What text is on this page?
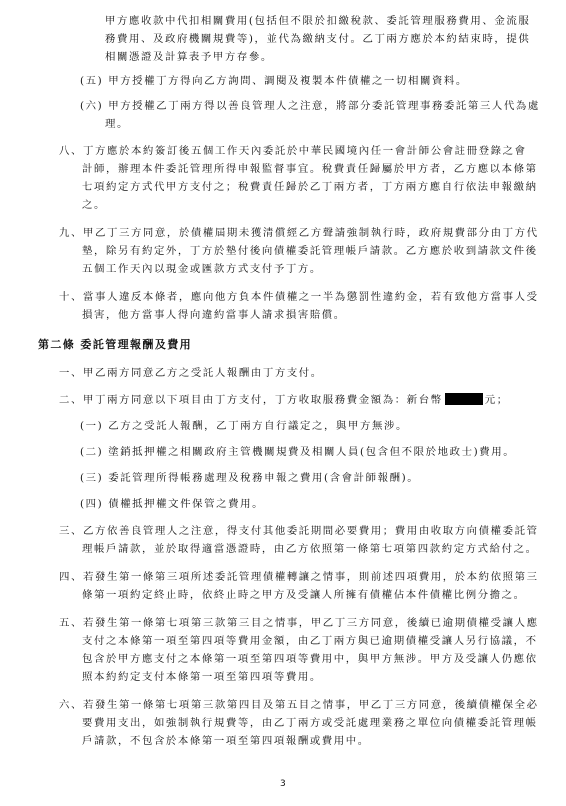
甲方應收款中代扣相關費用(包括但不限於扣繳稅款、委託管理服務費用、金流服
務費用、及政府機關規費等)，並代為繳納支付。乙丁兩方應於本約結束時，提供
相關憑證及計算表予甲方存參。
(五) 甲方授權丁方得向乙方詢問、調閱及複製本件債權之一切相關資料。
(六) 甲方授權乙丁兩方得以善良管理人之注意，將部分委託管理事務委託第三人代為處
理。
八、丁方應於本約簽訂後五個工作天內委託於中華民國境內任一會計師公會註冊登錄之會
計師，辦理本件委託管理所得申報監督事宜。稅費責任歸屬於甲方者，乙方應以本條第
七項約定方式代甲方支付之；稅費責任歸於乙丁兩方者，丁方兩方應自行依法申報繳納
之。
九、甲乙丁三方同意，於債權屆期未獲清償經乙方聲請強制執行時，政府規費部分由丁方代
墊，除另有約定外，丁方於墊付後向債權委託管理帳戶請款。乙方應於收到請款文件後
五個工作天內以現金或匯款方式支付予丁方。
十、當事人違反本條者，應向他方負本件債權之一半為懲罰性違約金，若有致他方當事人受
損害，他方當事人得向違約當事人請求損害賠償。
第二條 委託管理報酬及費用
一、甲乙兩方同意乙方之受託人報酬由丁方支付。
二、甲丁兩方同意以下項目由丁方支付，丁方收取服務費金額為：新台幣	元；
(一) 乙方之受託人報酬，乙丁兩方自行議定之，與甲方無涉。
(二) 塗銷抵押權之相關政府主管機關規費及相關人員(包含但不限於地政士)費用。
(三) 委託管理所得帳務處理及稅務申報之費用(含會計師報酬)。
(四) 債權抵押權文件保管之費用。
三、乙方依善良管理人之注意，得支付其他委託期間必要費用；費用由收取方向債權委託管
理帳戶請款，並於取得適當憑證時，由乙方依照第一條第七項第四款約定方式給付之。
四、若發生第一條第三項所述委託管理債權轉讓之情事，則前述四項費用，於本約依照第三
條第一項約定終止時，依終止時之甲方及受讓人所擁有債權佔本件債權比例分擔之。
五、若發生第一條第七項第三款第三目之情事，甲乙丁三方同意，後續已逾期債權受讓人應
支付之本條第一項至第四項等費用金額，由乙丁兩方與已逾期債權受讓人另行協議，不
包含於甲方應支付之本條第一項至第四項等費用中，與甲方無涉。甲方及受讓人仍應依
照本約約定支付本條第一項至第四項等費用。
六、若發生第一條第七項第三款第四目及第五目之情事，甲乙丁三方同意，後續債權保全必
要費用支出，如強制執行規費等，由乙丁兩方或受託處理業務之單位向債權委託管理帳
戶請款，不包含於本條第一項至第四項報酬或費用中。
3
